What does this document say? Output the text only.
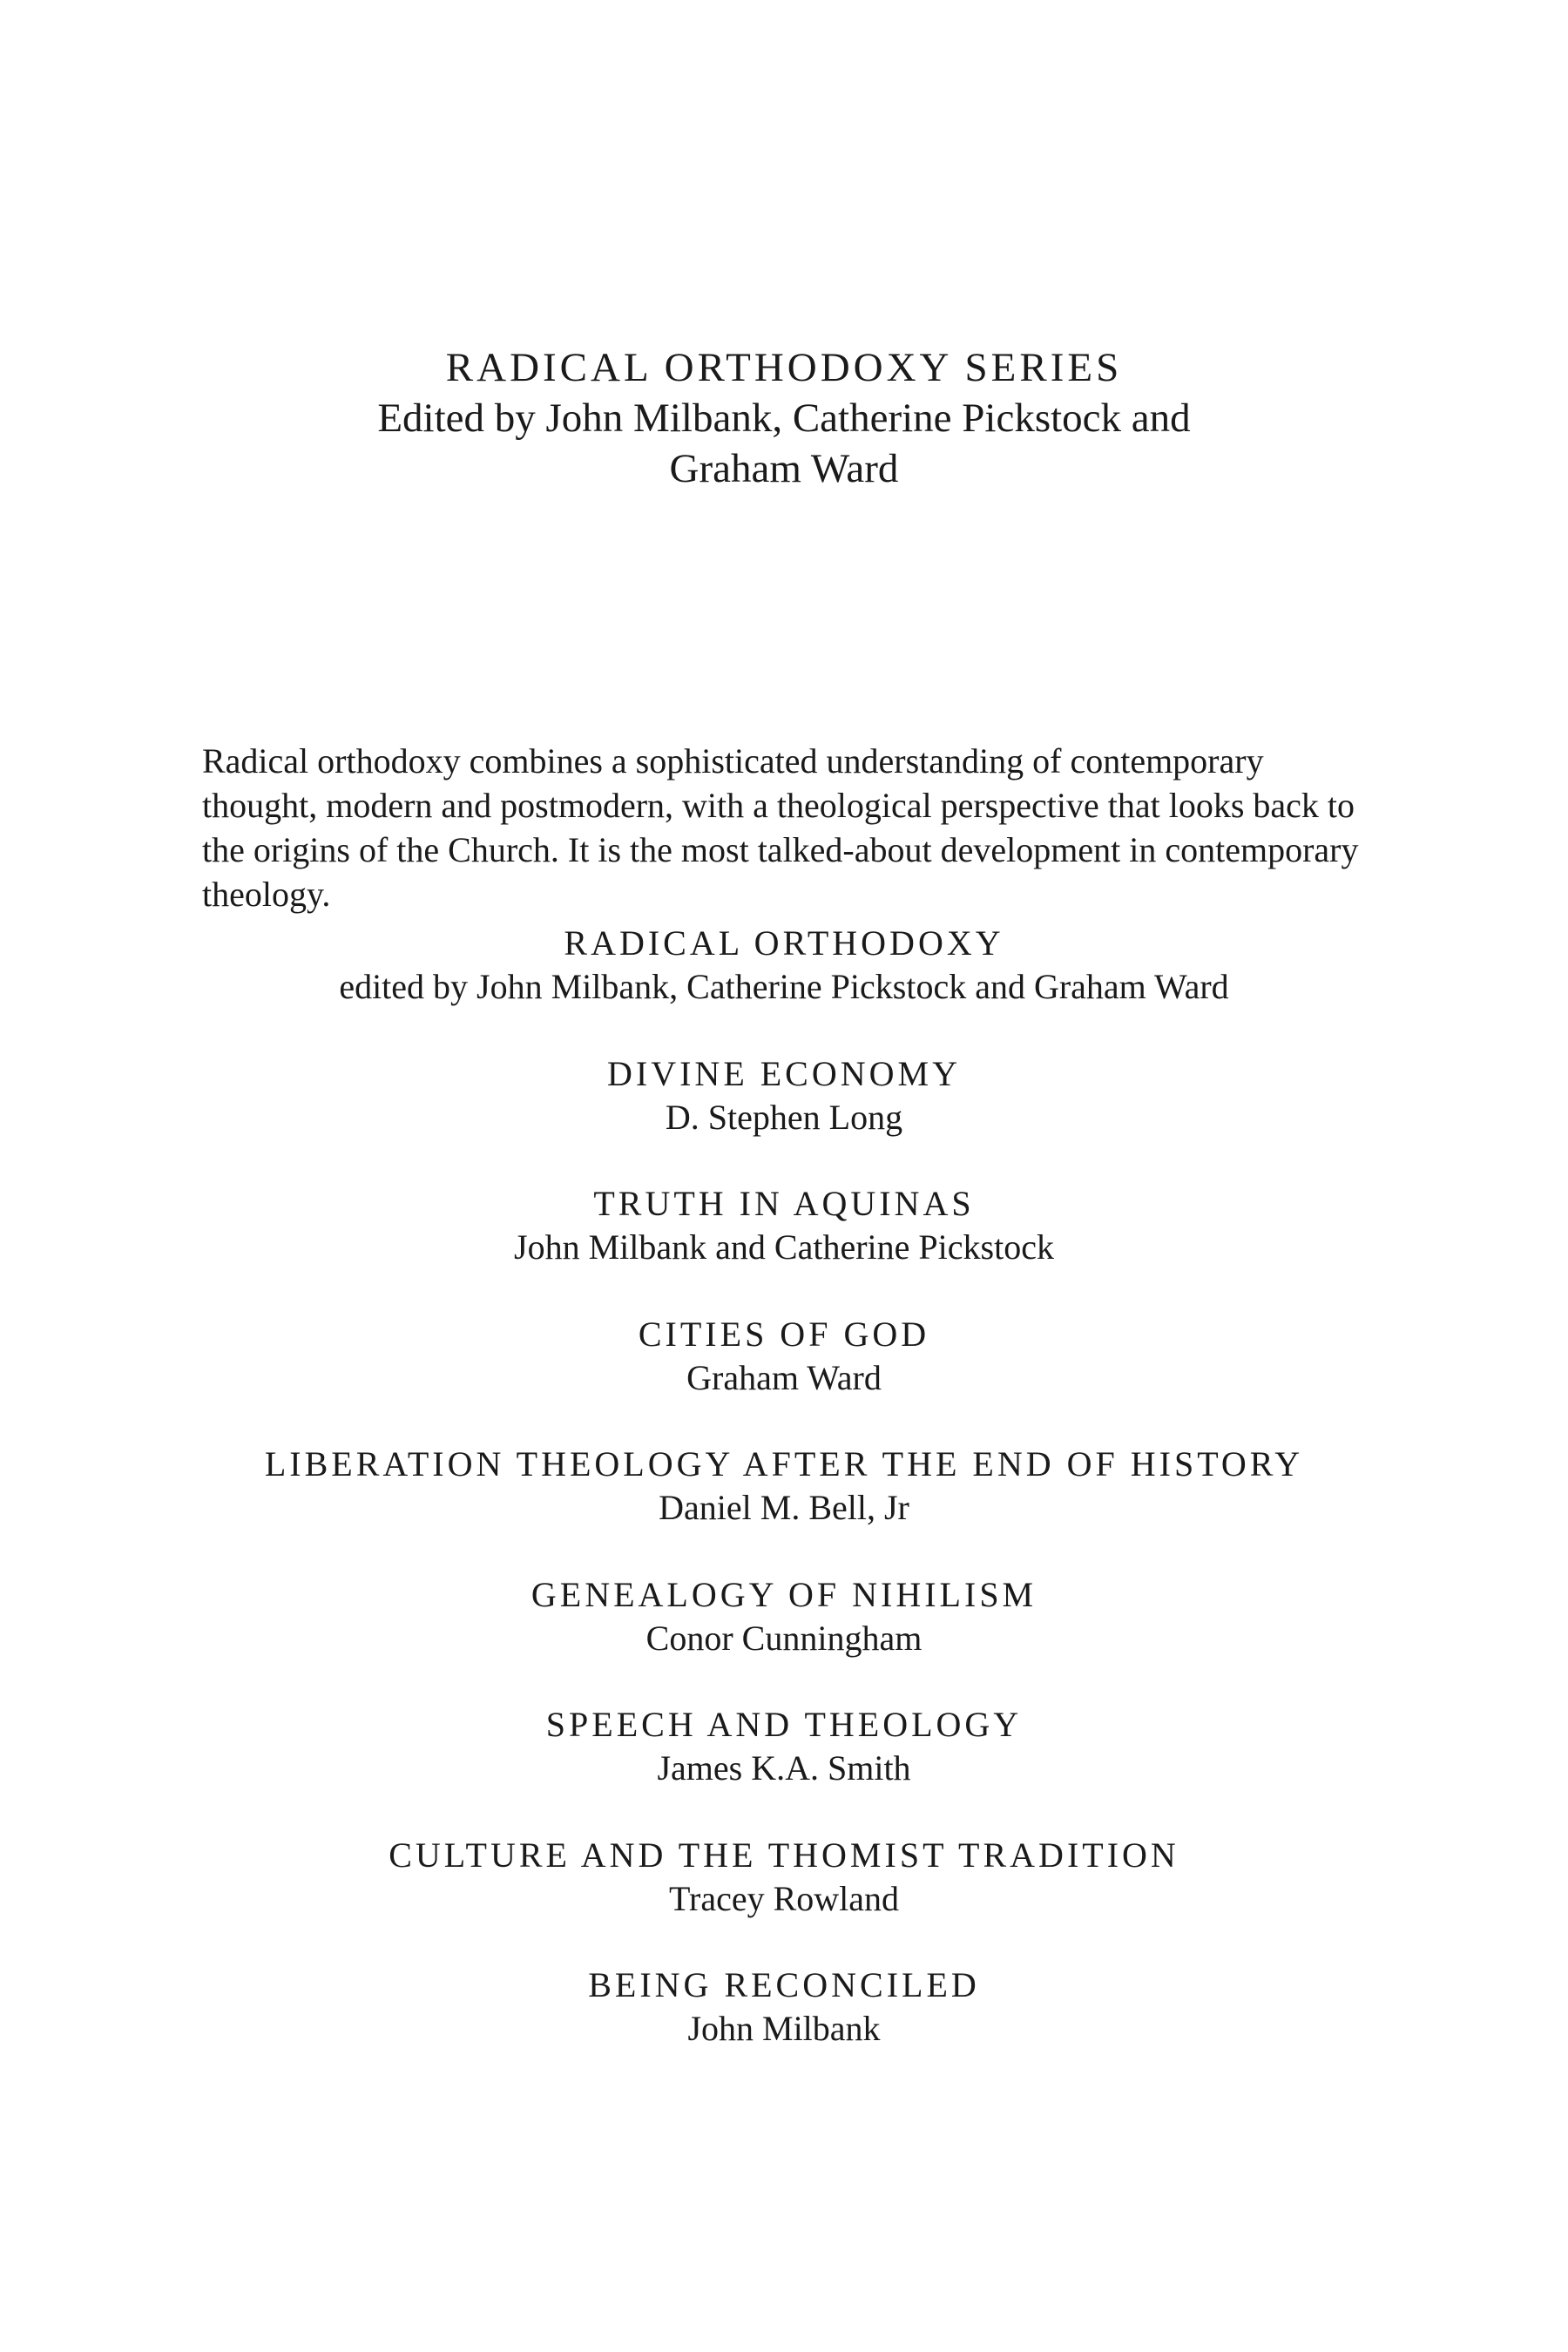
RADICAL ORTHODOXY SERIES
Edited by John Milbank, Catherine Pickstock and Graham Ward

Radical orthodoxy combines a sophisticated understanding of contemporary thought, modern and postmodern, with a theological perspective that looks back to the origins of the Church. It is the most talked-about development in contemporary theology.

RADICAL ORTHODOXY
edited by John Milbank, Catherine Pickstock and Graham Ward
DIVINE ECONOMY
D. Stephen Long
TRUTH IN AQUINAS
John Milbank and Catherine Pickstock
CITIES OF GOD
Graham Ward
LIBERATION THEOLOGY AFTER THE END OF HISTORY
Daniel M. Bell, Jr
GENEALOGY OF NIHILISM
Conor Cunningham
SPEECH AND THEOLOGY
James K.A. Smith
CULTURE AND THE THOMIST TRADITION
Tracey Rowland
BEING RECONCILED
John Milbank
